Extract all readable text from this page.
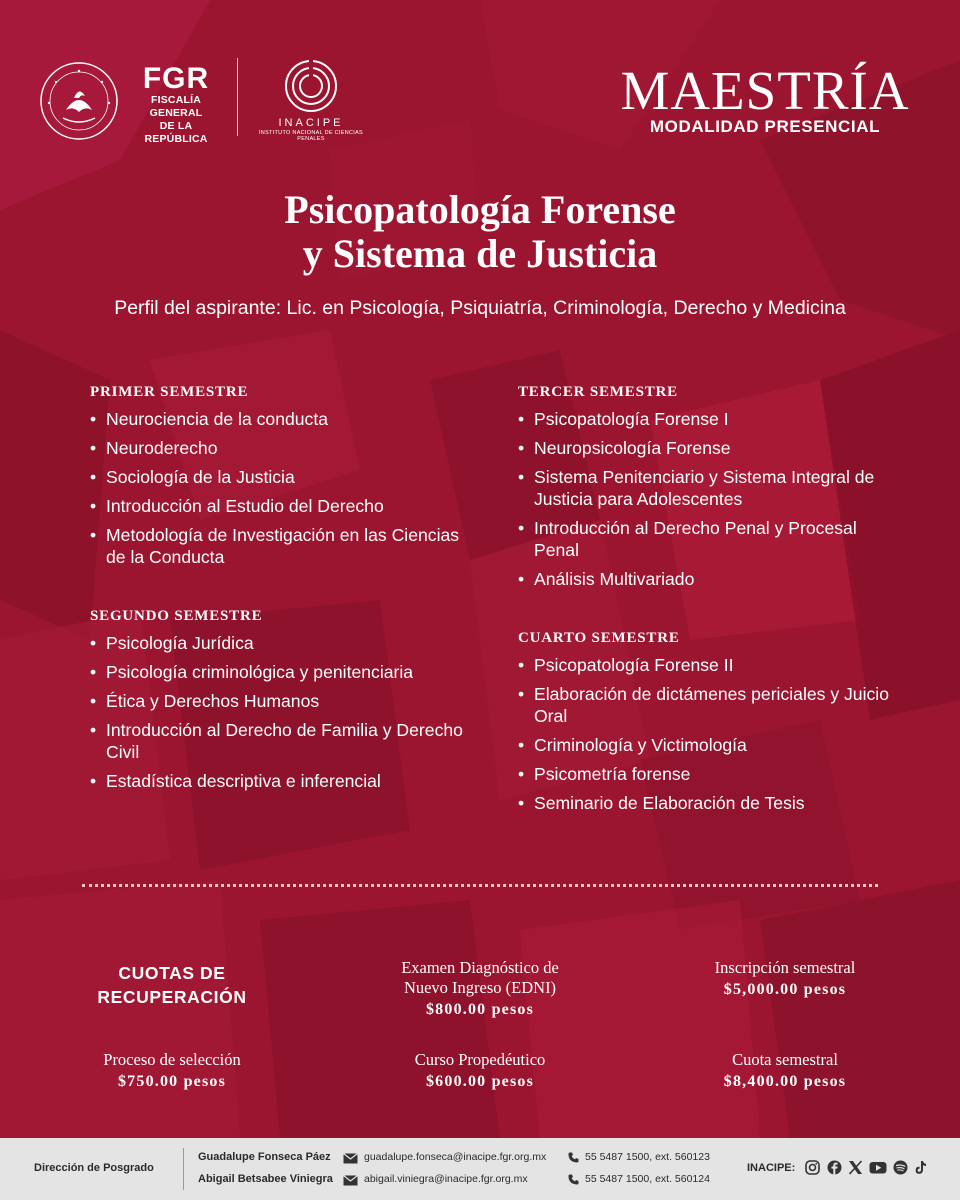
FGR
FISCALÍA GENERAL
DE LA REPÚBLICA
INACIPE
INSTITUTO NACIONAL DE CIENCIAS PENALES
MAESTRÍA
MODALIDAD PRESENCIAL
Psicopatología Forense
y Sistema de Justicia
Perfil del aspirante: Lic. en Psicología, Psiquiatría, Criminología, Derecho y Medicina
PRIMER SEMESTRE
• Neurociencia de la conducta
• Neuroderecho
• Sociología de la Justicia
• Introducción al Estudio del Derecho
• Metodología de Investigación en las Ciencias de la Conducta
SEGUNDO SEMESTRE
• Psicología Jurídica
• Psicología criminológica y penitenciaria
• Ética y Derechos Humanos
• Introducción al Derecho de Familia y Derecho Civil
• Estadística descriptiva e inferencial
TERCER SEMESTRE
• Psicopatología Forense I
• Neuropsicología Forense
• Sistema Penitenciario y Sistema Integral de Justicia para Adolescentes
• Introducción al Derecho Penal y Procesal Penal
• Análisis Multivariado
CUARTO SEMESTRE
• Psicopatología Forense II
• Elaboración de dictámenes periciales y Juicio Oral
• Criminología y Victimología
• Psicometría forense
• Seminario de Elaboración de Tesis
CUOTAS DE
RECUPERACIÓN
Examen Diagnóstico de
Nuevo Ingreso (EDNI)
$800.00 pesos
Inscripción semestral
$5,000.00 pesos
Proceso de selección
$750.00 pesos
Curso Propedéutico
$600.00 pesos
Cuota semestral
$8,400.00 pesos
Dirección de Posgrado
Guadalupe Fonseca Páez	guadalupe.fonseca@inacipe.fgr.org.mx	55 5487 1500, ext. 560123
Abigail Betsabee Viniegra	abigail.viniegra@inacipe.fgr.org.mx	55 5487 1500, ext. 560124
INACIPE:
